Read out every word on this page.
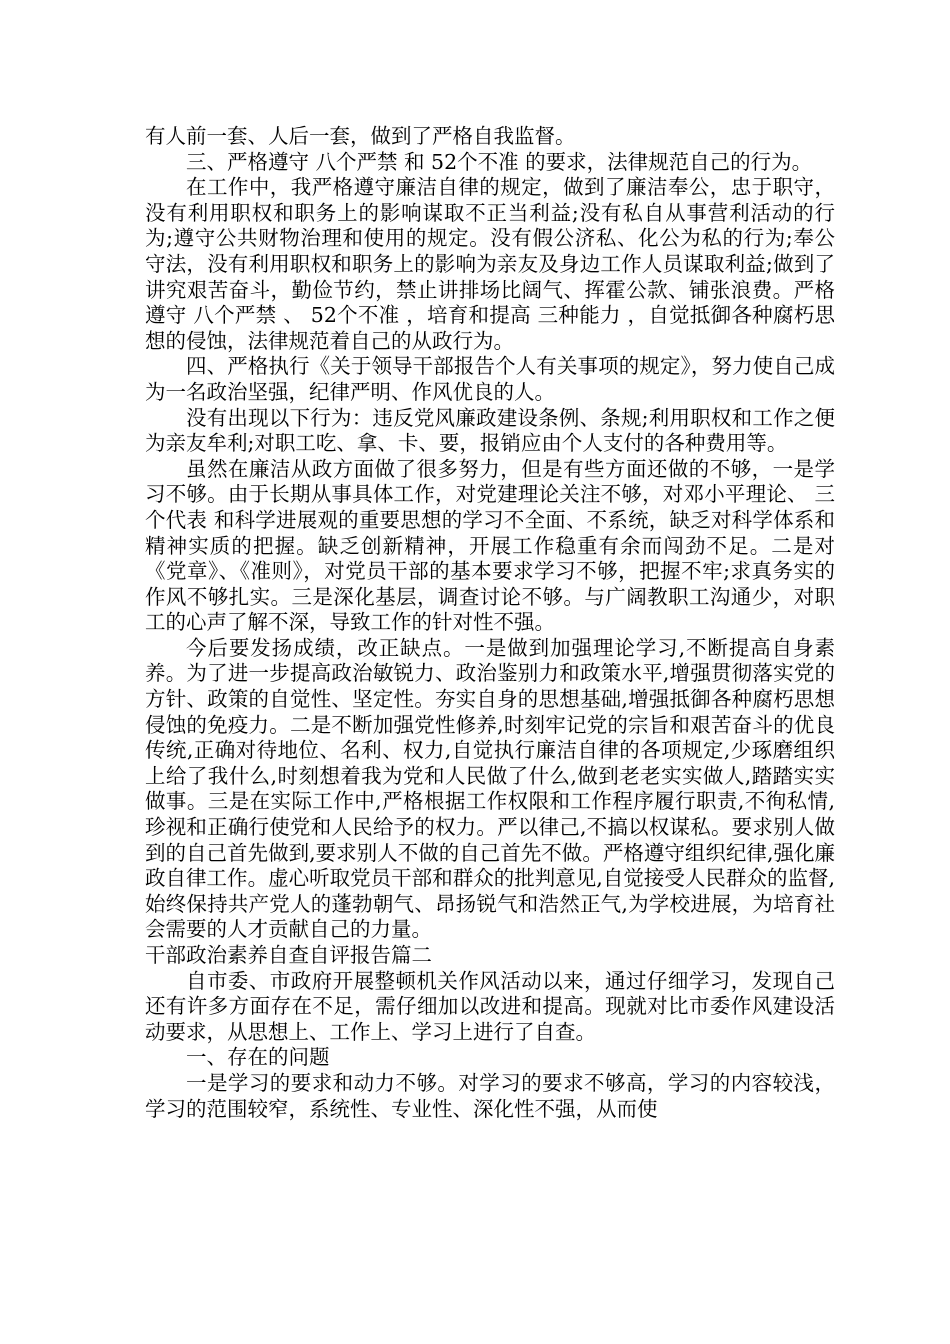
有人前一套、人后一套，做到了严格自我监督。

三、严格遵守 八个严禁 和 52个不准 的要求，法律规范自己的行为。

在工作中，我严格遵守廉洁自律的规定，做到了廉洁奉公，忠于职守，没有利用职权和职务上的影响谋取不正当利益;没有私自从事营利活动的行为;遵守公共财物治理和使用的规定。没有假公济私、化公为私的行为;奉公守法，没有利用职权和职务上的影响为亲友及身边工作人员谋取利益;做到了讲究艰苦奋斗，勤俭节约，禁止讲排场比阔气、挥霍公款、铺张浪费。严格遵守 八个严禁 、 52个不准 ，培育和提高 三种能力 ，自觉抵御各种腐朽思想的侵蚀，法律规范着自己的从政行为。

四、严格执行《关于领导干部报告个人有关事项的规定》，努力使自己成为一名政治坚强，纪律严明、作风优良的人。

没有出现以下行为：违反党风廉政建设条例、条规;利用职权和工作之便为亲友牟利;对职工吃、拿、卡、要，报销应由个人支付的各种费用等。

虽然在廉洁从政方面做了很多努力，但是有些方面还做的不够，一是学习不够。由于长期从事具体工作，对党建理论关注不够，对邓小平理论、 三个代表 和科学进展观的重要思想的学习不全面、不系统，缺乏对科学体系和精神实质的把握。缺乏创新精神，开展工作稳重有余而闯劲不足。二是对《党章》、《准则》，对党员干部的基本要求学习不够，把握不牢;求真务实的作风不够扎实。三是深化基层，调查讨论不够。与广阔教职工沟通少，对职工的心声了解不深，导致工作的针对性不强。

今后要发扬成绩，改正缺点。一是做到加强理论学习,不断提高自身素养。为了进一步提高政治敏锐力、政治鉴别力和政策水平,增强贯彻落实党的方针、政策的自觉性、坚定性。夯实自身的思想基础,增强抵御各种腐朽思想侵蚀的免疫力。二是不断加强党性修养,时刻牢记党的宗旨和艰苦奋斗的优良传统,正确对待地位、名利、权力,自觉执行廉洁自律的各项规定,少琢磨组织上给了我什么,时刻想着我为党和人民做了什么,做到老老实实做人,踏踏实实做事。三是在实际工作中,严格根据工作权限和工作程序履行职责,不徇私情,珍视和正确行使党和人民给予的权力。严以律己,不搞以权谋私。要求别人做到的自己首先做到,要求别人不做的自己首先不做。严格遵守组织纪律,强化廉政自律工作。虚心听取党员干部和群众的批判意见,自觉接受人民群众的监督,始终保持共产党人的蓬勃朝气、昂扬锐气和浩然正气,为学校进展，为培育社会需要的人才贡献自己的力量。

干部政治素养自查自评报告篇二

自市委、市政府开展整顿机关作风活动以来，通过仔细学习，发现自己还有许多方面存在不足，需仔细加以改进和提高。现就对比市委作风建设活动要求，从思想上、工作上、学习上进行了自查。

一、存在的问题

一是学习的要求和动力不够。对学习的要求不够高，学习的内容较浅，学习的范围较窄，系统性、专业性、深化性不强，从而使
